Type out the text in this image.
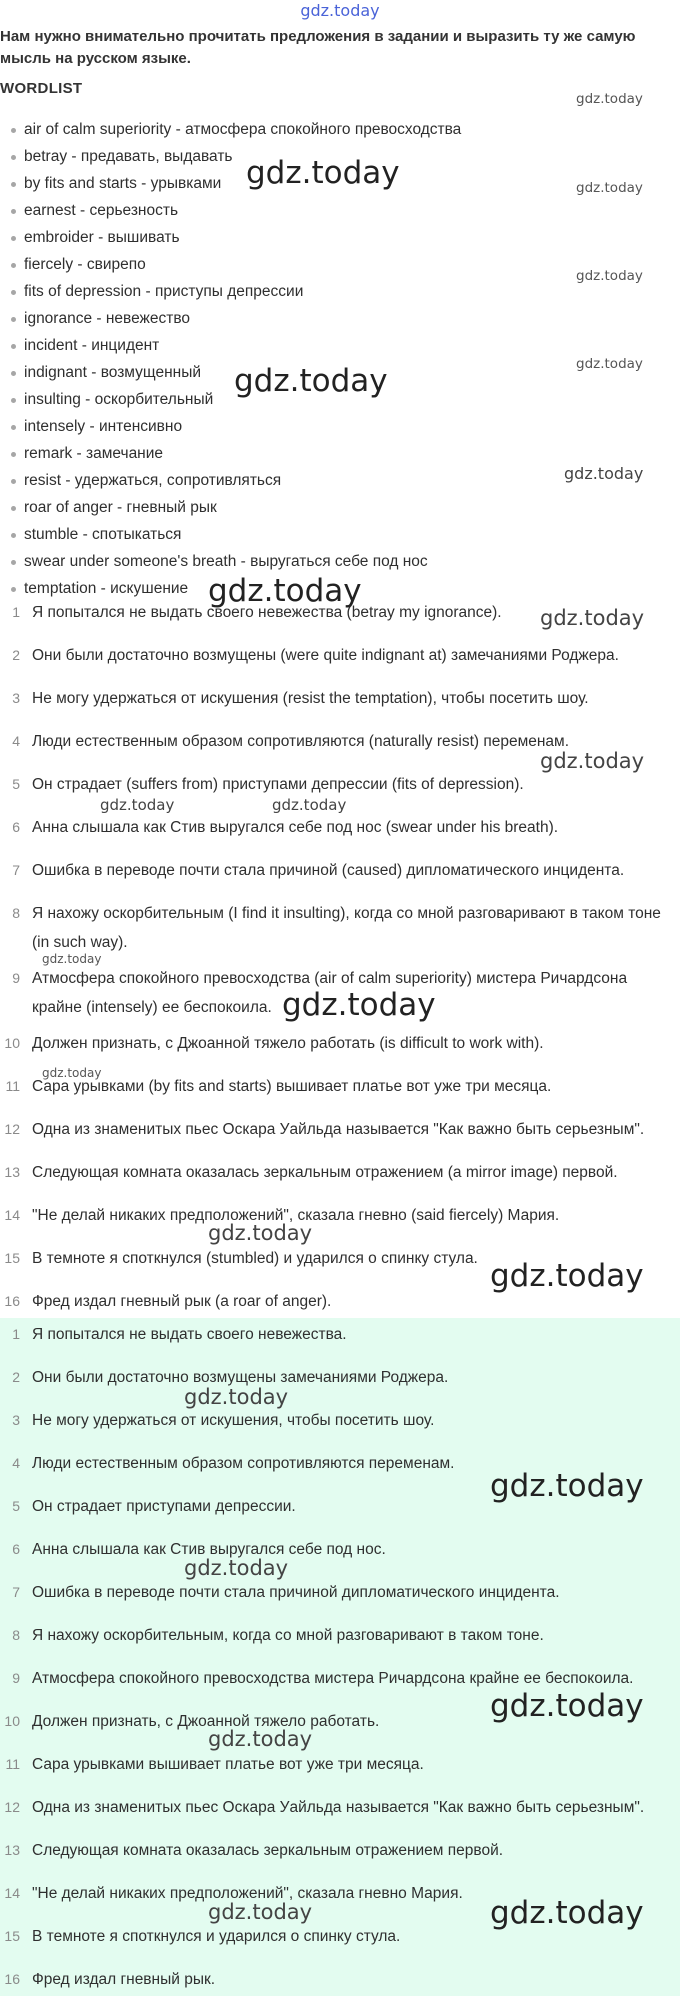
gdz.today
Нам нужно внимательно прочитать предложения в задании и выразить ту же самую мысль на русском языке.
WORDLIST
air of calm superiority - атмосфера спокойного превосходства
betray - предавать, выдавать
by fits and starts - урывками
earnest - серьезность
embroider - вышивать
fiercely - свирепо
fits of depression - приступы депрессии
ignorance - невежество
incident - инцидент
indignant - возмущенный
insulting - оскорбительный
intensely - интенсивно
remark - замечание
resist - удержаться, сопротивляться
roar of anger - гневный рык
stumble - спотыкаться
swear under someone's breath - выругаться себе под нос
temptation - искушение
1 Я попытался не выдать своего невежества (betray my ignorance).
2 Они были достаточно возмущены (were quite indignant at) замечаниями Роджера.
3 Не могу удержаться от искушения (resist the temptation), чтобы посетить шоу.
4 Люди естественным образом сопротивляются (naturally resist) переменам.
5 Он страдает (suffers from) приступами депрессии (fits of depression).
6 Анна слышала как Стив выругался себе под нос (swear under his breath).
7 Ошибка в переводе почти стала причиной (caused) дипломатического инцидента.
8 Я нахожу оскорбительным (I find it insulting), когда со мной разговаривают в таком тоне (in such way).
9 Атмосфера спокойного превосходства (air of calm superiority) мистера Ричардсона крайне (intensely) ее беспокоила.
10 Должен признать, с Джоанной тяжело работать (is difficult to work with).
11 Сара урывками (by fits and starts) вышивает платье вот уже три месяца.
12 Одна из знаменитых пьес Оскара Уайльда называется "Как важно быть серьезным".
13 Следующая комната оказалась зеркальным отражением (a mirror image) первой.
14 "Не делай никаких предположений", сказала гневно (said fiercely) Мария.
15 В темноте я споткнулся (stumbled) и ударился о спинку стула.
16 Фред издал гневный рык (a roar of anger).
1 Я попытался не выдать своего невежества.
2 Они были достаточно возмущены замечаниями Роджера.
3 Не могу удержаться от искушения, чтобы посетить шоу.
4 Люди естественным образом сопротивляются переменам.
5 Он страдает приступами депрессии.
6 Анна слышала как Стив выругался себе под нос.
7 Ошибка в переводе почти стала причиной дипломатического инцидента.
8 Я нахожу оскорбительным, когда со мной разговаривают в таком тоне.
9 Атмосфера спокойного превосходства мистера Ричардсона крайне ее беспокоила.
10 Должен признать, с Джоанной тяжело работать.
11 Сара урывками вышивает платье вот уже три месяца.
12 Одна из знаменитых пьес Оскара Уайльда называется "Как важно быть серьезным".
13 Следующая комната оказалась зеркальным отражением первой.
14 "Не делай никаких предположений", сказала гневно Мария.
15 В темноте я споткнулся и ударился о спинку стула.
16 Фред издал гневный рык.
gdz.today
gdz.today	gdz.today
gdz.today
gdz.today
gdz.today
gdz.today
gdz.today
gdz.today
gdz.today
gdz.today	gdz.today
gdz.today
gdz.today
gdz.today
gdz.today
gdz.today
gdz.today
gdz.today
gdz.today
gdz.today
gdz.today
gdz.today	gdz.today
